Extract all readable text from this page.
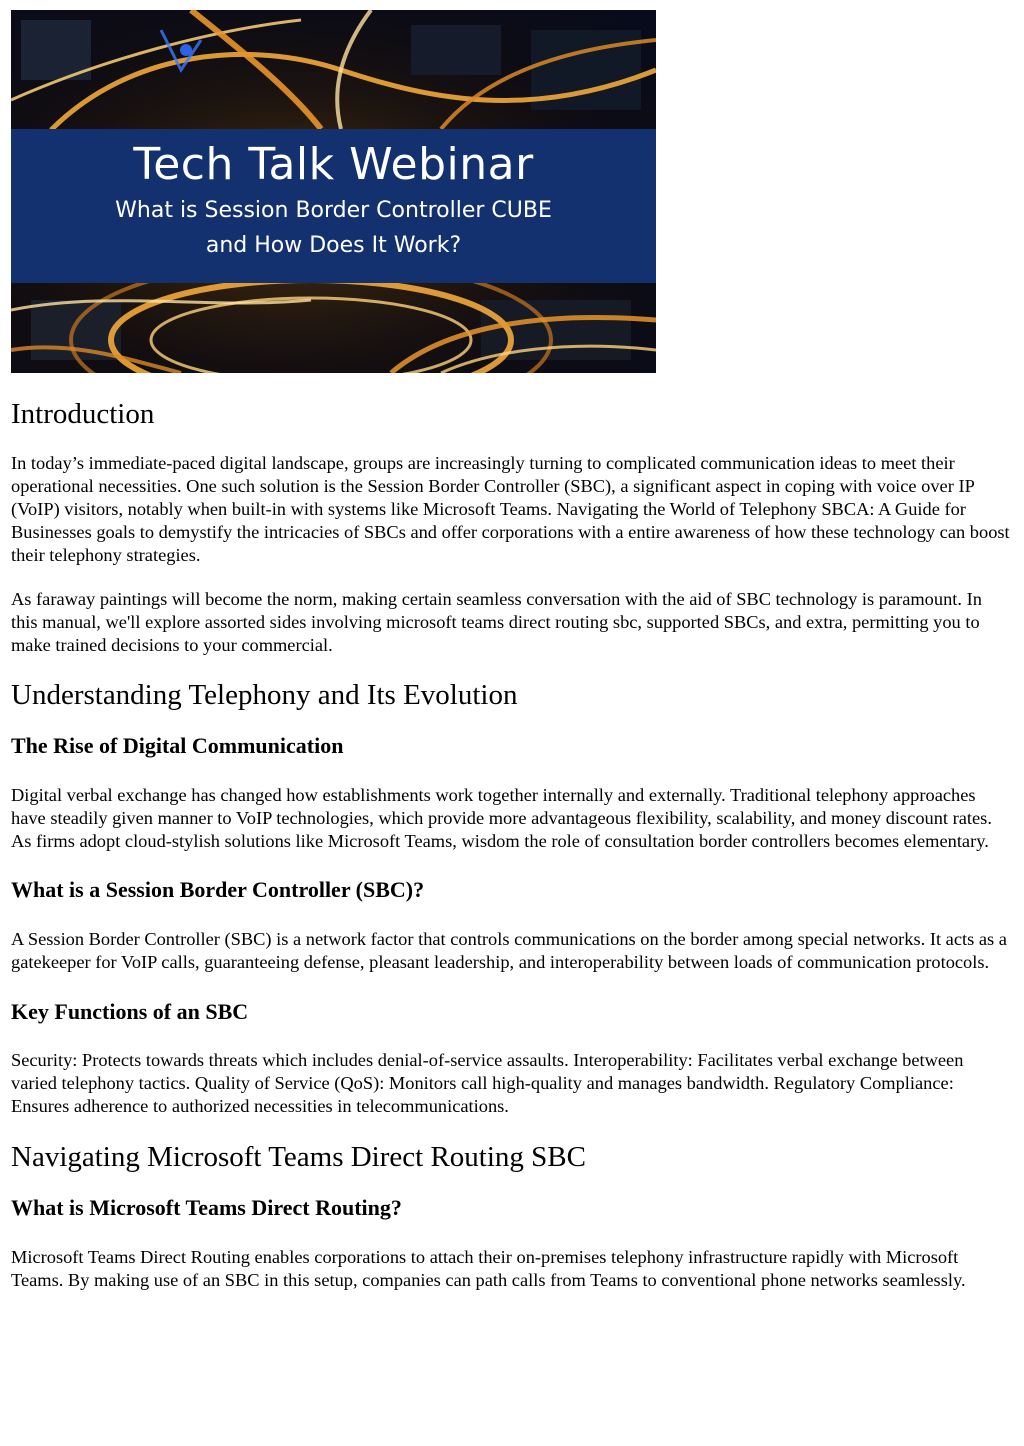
Tech Talk Webinar
What is Session Border Controller CUBE
and How Does It Work?
Introduction

In today’s immediate-paced digital landscape, groups are increasingly turning to complicated communication ideas to meet their operational necessities. One such solution is the Session Border Controller (SBC), a significant aspect in coping with voice over IP (VoIP) visitors, notably when built-in with systems like Microsoft Teams. Navigating the World of Telephony SBCA: A Guide for Businesses goals to demystify the intricacies of SBCs and offer corporations with a entire awareness of how these technology can boost their telephony strategies.

As faraway paintings will become the norm, making certain seamless conversation with the aid of SBC technology is paramount. In this manual, we'll explore assorted sides involving microsoft teams direct routing sbc, supported SBCs, and extra, permitting you to make trained decisions to your commercial.

Understanding Telephony and Its Evolution
The Rise of Digital Communication

Digital verbal exchange has changed how establishments work together internally and externally. Traditional telephony approaches have steadily given manner to VoIP technologies, which provide more advantageous flexibility, scalability, and money discount rates. As firms adopt cloud-stylish solutions like Microsoft Teams, wisdom the role of consultation border controllers becomes elementary.

What is a Session Border Controller (SBC)?

A Session Border Controller (SBC) is a network factor that controls communications on the border among special networks. It acts as a gatekeeper for VoIP calls, guaranteeing defense, pleasant leadership, and interoperability between loads of communication protocols.

Key Functions of an SBC

Security: Protects towards threats which includes denial-of-service assaults. Interoperability: Facilitates verbal exchange between varied telephony tactics. Quality of Service (QoS): Monitors call high-quality and manages bandwidth. Regulatory Compliance: Ensures adherence to authorized necessities in telecommunications.

Navigating Microsoft Teams Direct Routing SBC
What is Microsoft Teams Direct Routing?

Microsoft Teams Direct Routing enables corporations to attach their on-premises telephony infrastructure rapidly with Microsoft Teams. By making use of an SBC in this setup, companies can path calls from Teams to conventional phone networks seamlessly.
